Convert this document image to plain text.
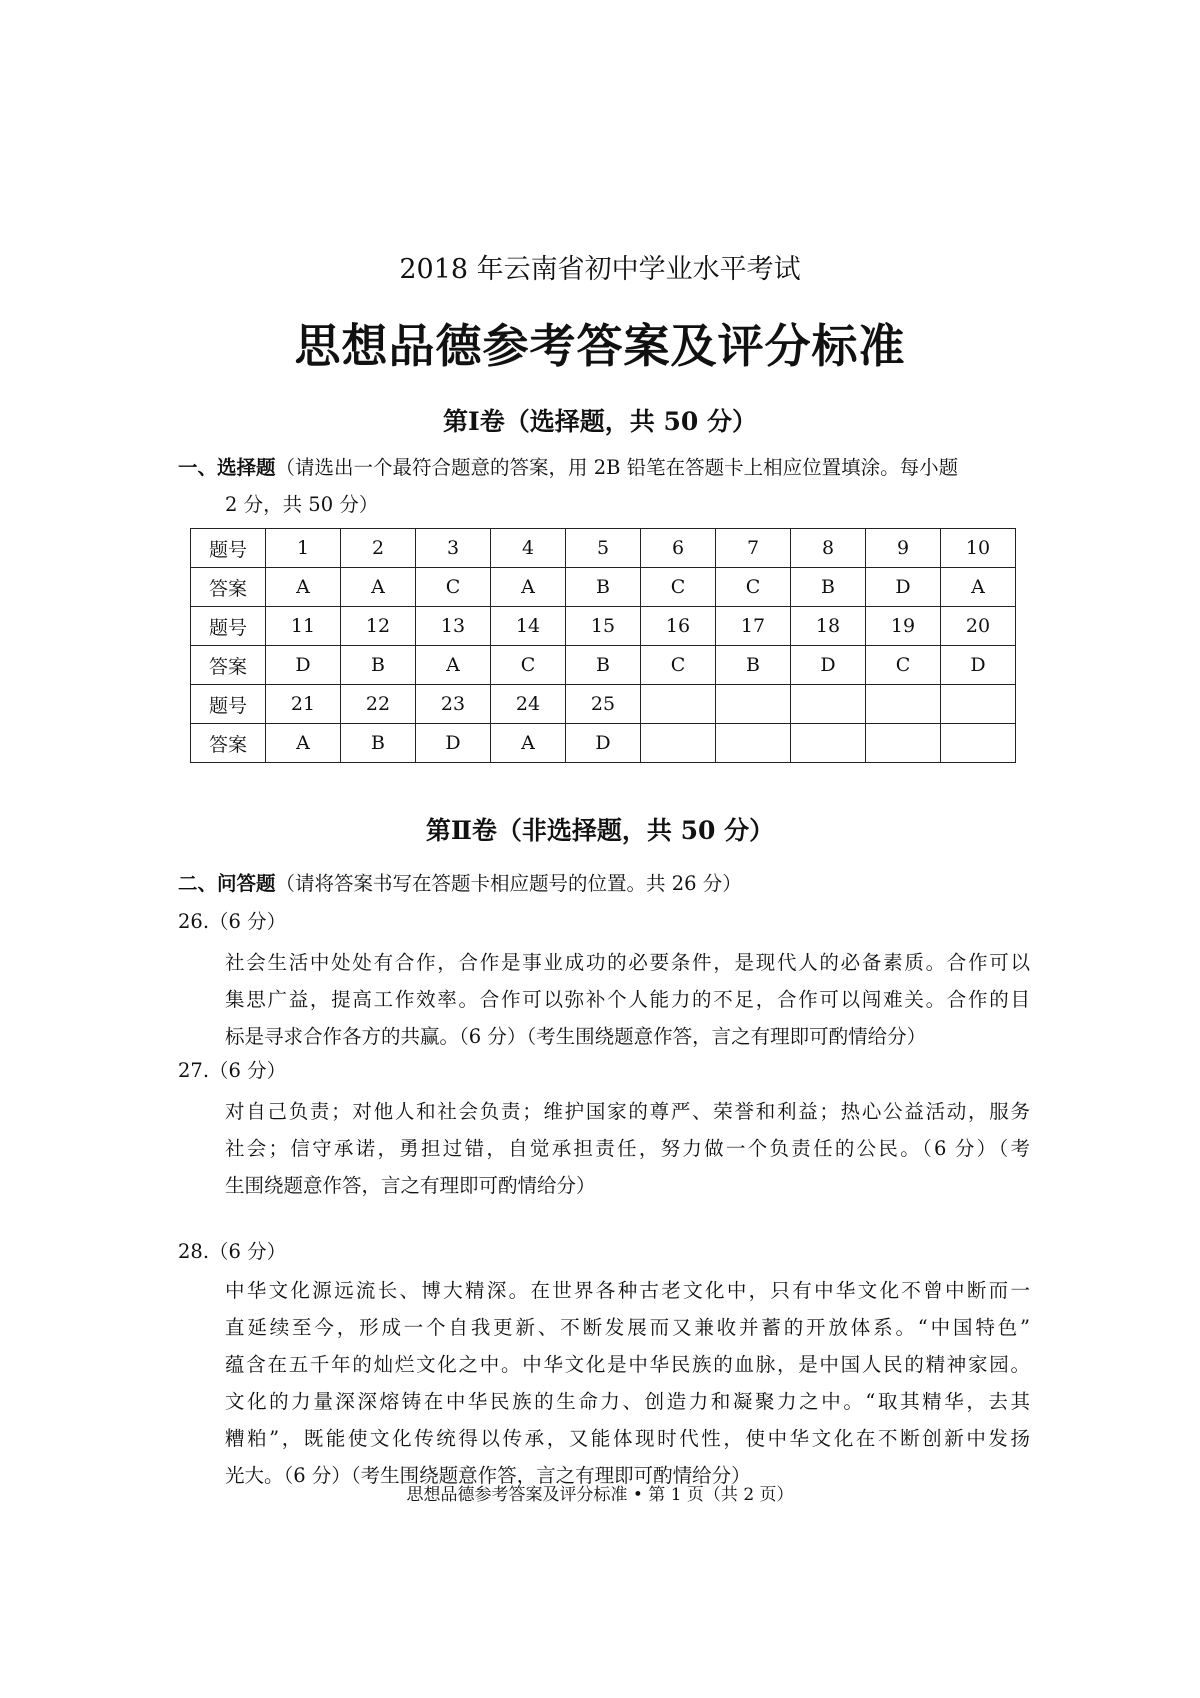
2018 年云南省初中学业水平考试
思想品德参考答案及评分标准
第Ⅰ卷（选择题，共 50 分）
一、选择题（请选出一个最符合题意的答案，用 2B 铅笔在答题卡上相应位置填涂。每小题
2 分，共 50 分）
题号	1	2	3	4	5	6	7	8	9	10
答案	A	A	C	A	B	C	C	B	D	A
题号	11	12	13	14	15	16	17	18	19	20
答案	D	B	A	C	B	C	B	D	C	D
题号	21	22	23	24	25					
答案	A	B	D	A	D					
第Ⅱ卷（非选择题，共 50 分）
二、问答题（请将答案书写在答题卡相应题号的位置。共 26 分）
26.（6 分）
社会生活中处处有合作，合作是事业成功的必要条件，是现代人的必备素质。合作可以
集思广益，提高工作效率。合作可以弥补个人能力的不足，合作可以闯难关。合作的目
标是寻求合作各方的共赢。（6 分）（考生围绕题意作答，言之有理即可酌情给分）
27.（6 分）
对自己负责；对他人和社会负责；维护国家的尊严、荣誉和利益；热心公益活动，服务
社会；信守承诺，勇担过错，自觉承担责任，努力做一个负责任的公民。（6 分）（考
生围绕题意作答，言之有理即可酌情给分）
28.（6 分）
中华文化源远流长、博大精深。在世界各种古老文化中，只有中华文化不曾中断而一
直延续至今，形成一个自我更新、不断发展而又兼收并蓄的开放体系。“中国特色”
蕴含在五千年的灿烂文化之中。中华文化是中华民族的血脉，是中国人民的精神家园。
文化的力量深深熔铸在中华民族的生命力、创造力和凝聚力之中。“取其精华，去其
糟粕”，既能使文化传统得以传承，又能体现时代性，使中华文化在不断创新中发扬
光大。（6 分）（考生围绕题意作答，言之有理即可酌情给分）
思想品德参考答案及评分标准 • 第 1 页（共 2 页）
